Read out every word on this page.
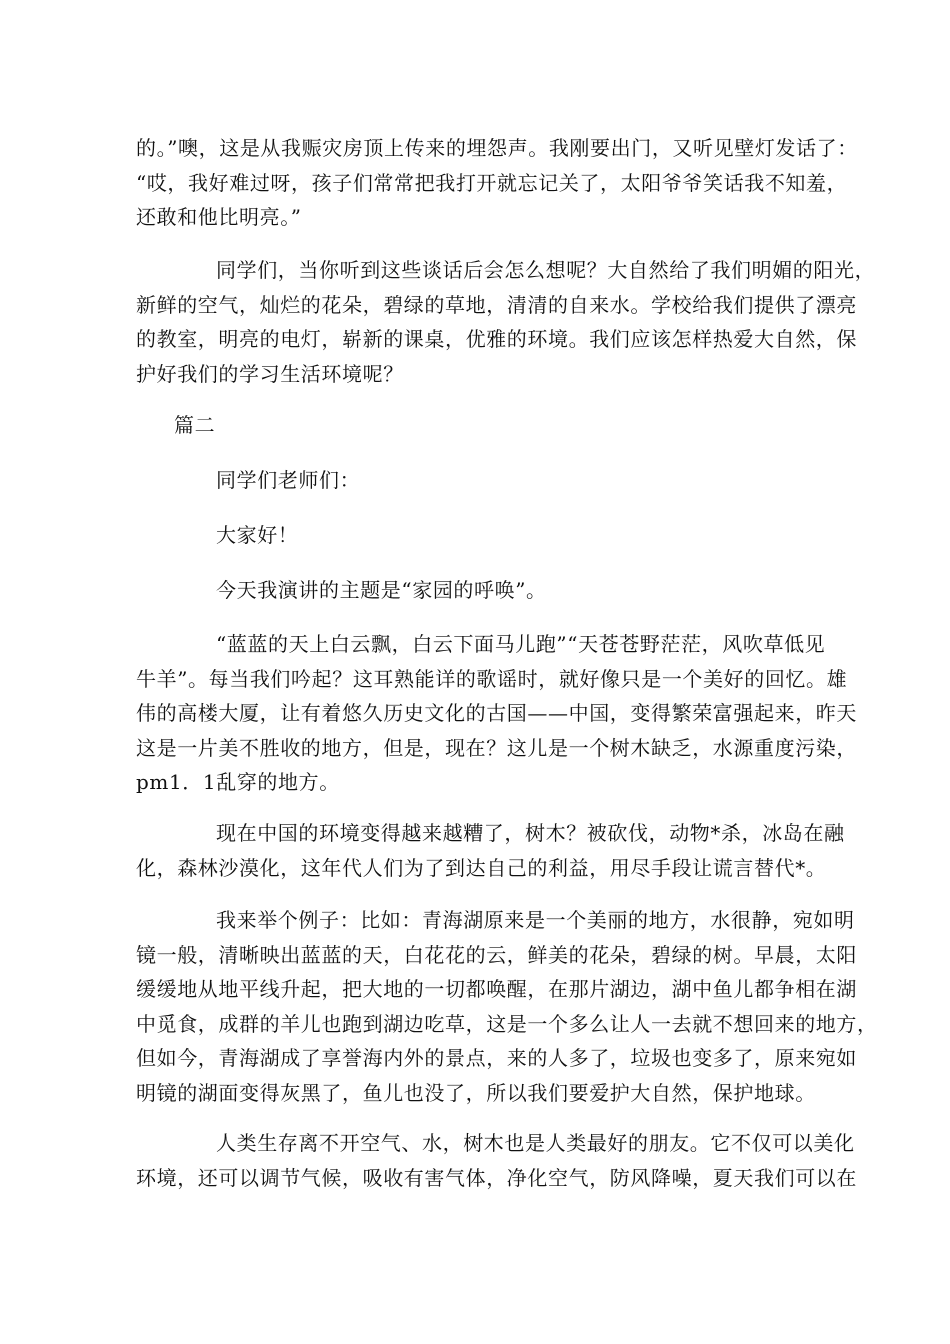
的。”噢，这是从我赈灾房顶上传来的埋怨声。我刚要出门，又听见壁灯发话了：
“哎，我好难过呀，孩子们常常把我打开就忘记关了，太阳爷爷笑话我不知羞，
还敢和他比明亮。”
同学们，当你听到这些谈话后会怎么想呢？大自然给了我们明媚的阳光，
新鲜的空气，灿烂的花朵，碧绿的草地，清清的自来水。学校给我们提供了漂亮
的教室，明亮的电灯，崭新的课桌，优雅的环境。我们应该怎样热爱大自然，保
护好我们的学习生活环境呢？
篇二
同学们老师们：
大家好！
今天我演讲的主题是“家园的呼唤”。
“蓝蓝的天上白云飘，白云下面马儿跑”“天苍苍野茫茫，风吹草低见
牛羊”。每当我们吟起？这耳熟能详的歌谣时，就好像只是一个美好的回忆。雄
伟的高楼大厦，让有着悠久历史文化的古国——中国，变得繁荣富强起来，昨天
这是一片美不胜收的地方，但是，现在？这儿是一个树木缺乏，水源重度污染，
pm1．1乱穿的地方。
现在中国的环境变得越来越糟了，树木？被砍伐，动物*杀，冰岛在融
化，森林沙漠化，这年代人们为了到达自己的利益，用尽手段让谎言替代*。
我来举个例子：比如：青海湖原来是一个美丽的地方，水很静，宛如明
镜一般，清晰映出蓝蓝的天，白花花的云，鲜美的花朵，碧绿的树。早晨，太阳
缓缓地从地平线升起，把大地的一切都唤醒，在那片湖边，湖中鱼儿都争相在湖
中觅食，成群的羊儿也跑到湖边吃草，这是一个多么让人一去就不想回来的地方，
但如今，青海湖成了享誉海内外的景点，来的人多了，垃圾也变多了，原来宛如
明镜的湖面变得灰黑了，鱼儿也没了，所以我们要爱护大自然，保护地球。
人类生存离不开空气、水，树木也是人类最好的朋友。它不仅可以美化
环境，还可以调节气候，吸收有害气体，净化空气，防风降噪，夏天我们可以在
